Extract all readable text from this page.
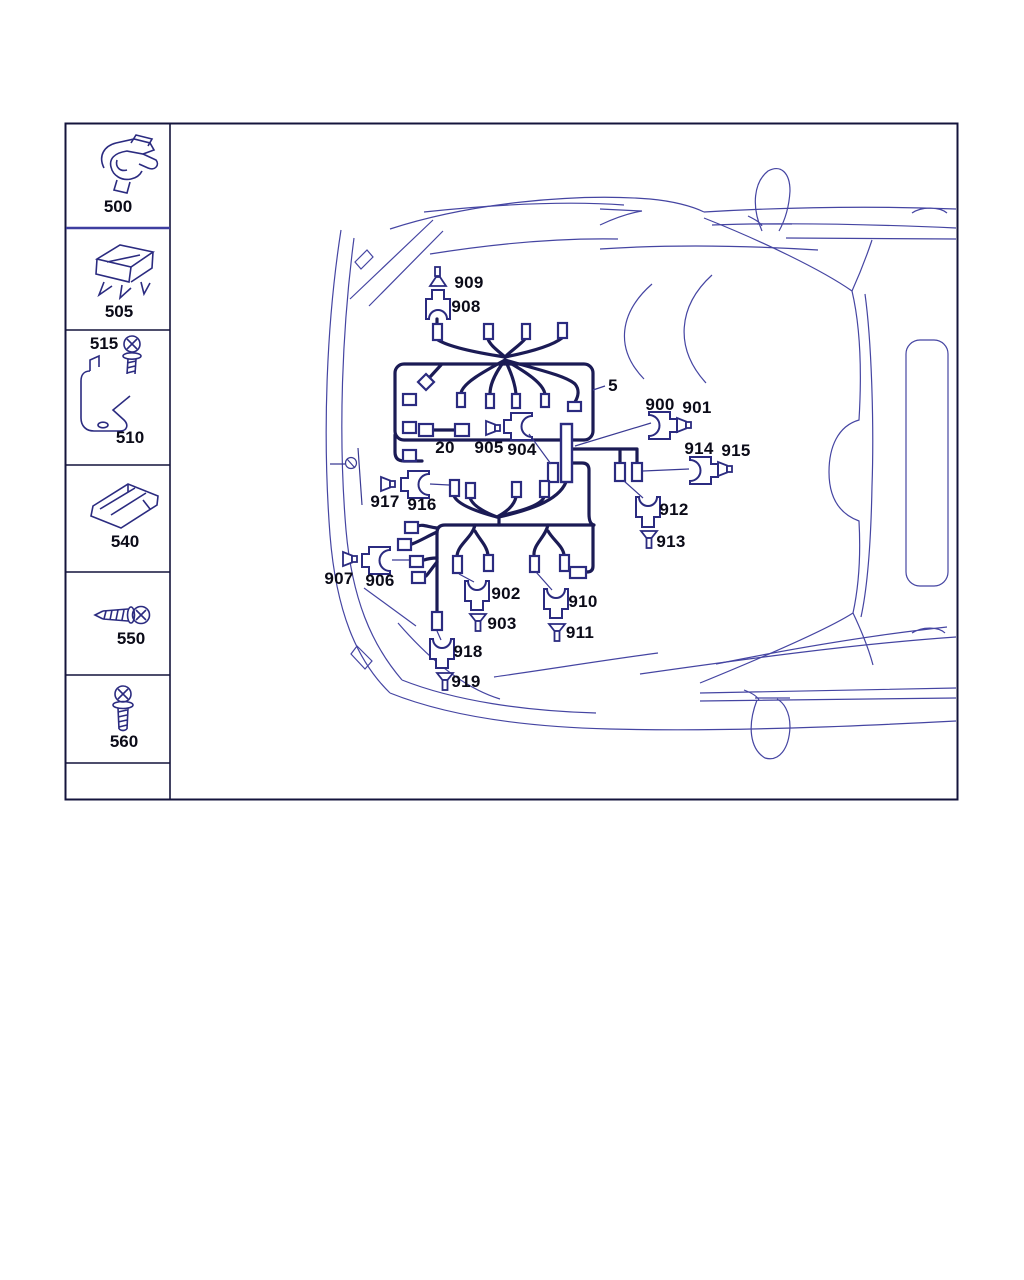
500
505
515
510
540
550
560
909
908
5
20 905 904
900 901
914 915
917 916	912
913
907 906
902
903
910
911
918
919
